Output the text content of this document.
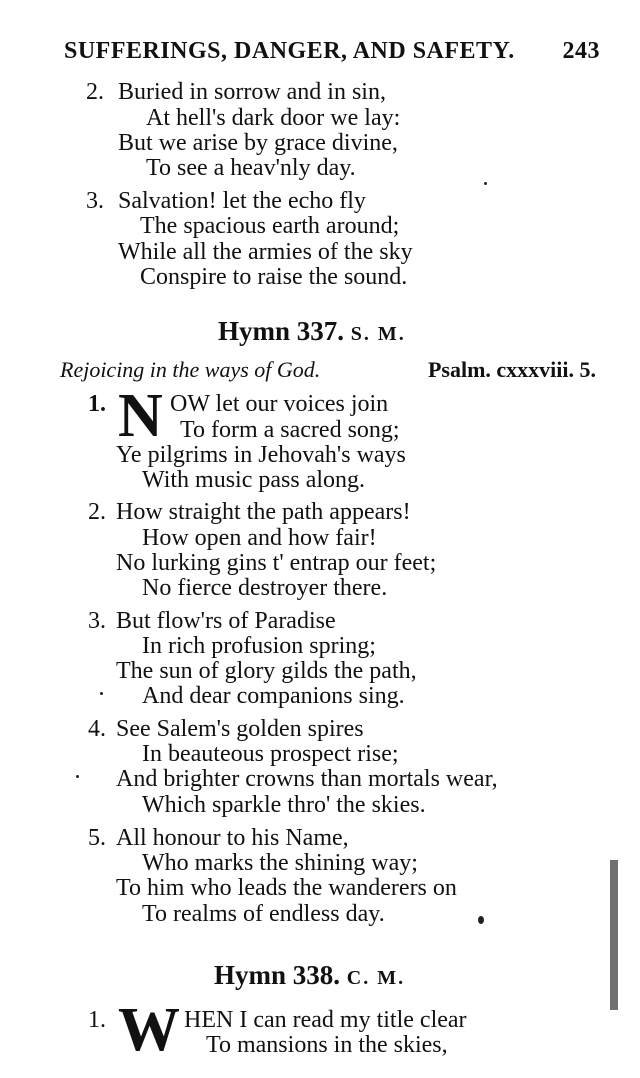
SUFFERINGS, DANGER, AND SAFETY. 243
2. Buried in sorrow and in sin,
At hell's dark door we lay:
But we arise by grace divine,
To see a heav'nly day.
3. Salvation! let the echo fly
The spacious earth around;
While all the armies of the sky
Conspire to raise the sound.
Hymn 337. S. M.
Rejoicing in the ways of God.	Psalm. cxxxviii. 5.
1. N OW let our voices join
To form a sacred song;
Ye pilgrims in Jehovah's ways
With music pass along.
2. How straight the path appears!
How open and how fair!
No lurking gins t' entrap our feet;
No fierce destroyer there.
3. But flow'rs of Paradise
In rich profusion spring;
The sun of glory gilds the path,
And dear companions sing.
4. See Salem's golden spires
In beauteous prospect rise;
And brighter crowns than mortals wear,
Which sparkle thro' the skies.
5. All honour to his Name,
Who marks the shining way;
To him who leads the wanderers on
To realms of endless day.
Hymn 338. C. M.
1. W HEN I can read my title clear
To mansions in the skies,
